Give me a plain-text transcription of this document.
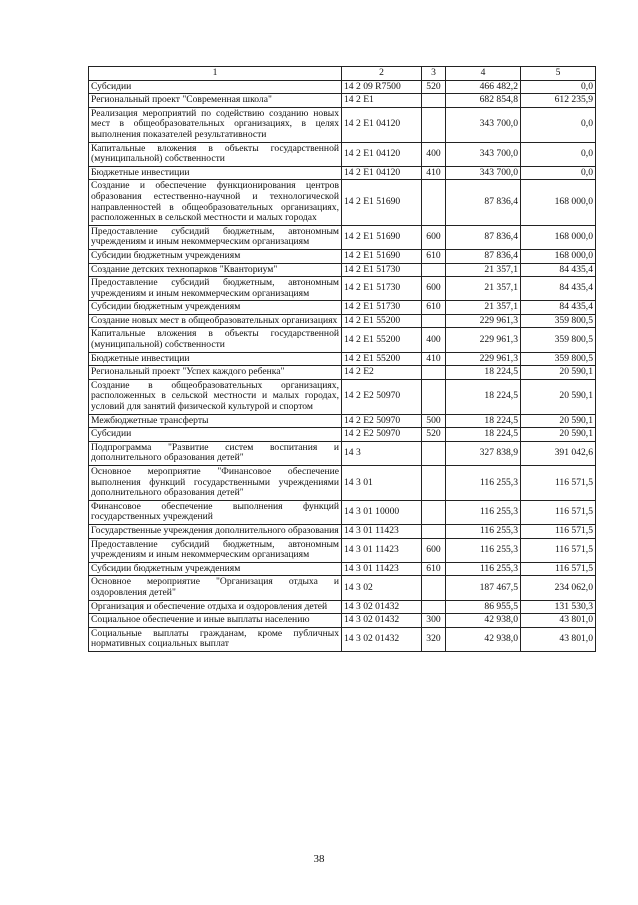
1	2	3	4	5
Субсидии	14 2 09 R7500	520	466 482,2	0,0
Региональный проект "Современная школа"	14 2 E1		682 854,8	612 235,9
Реализация мероприятий по содействию созданию новых мест в общеобразовательных организациях, в целях выполнения показателей результативности	14 2 E1 04120		343 700,0	0,0
Капитальные вложения в объекты государственной (муниципальной) собственности	14 2 E1 04120	400	343 700,0	0,0
Бюджетные инвестиции	14 2 E1 04120	410	343 700,0	0,0
Создание и обеспечение функционирования центров образования естественно-научной и технологической направленностей в общеобразовательных организациях, расположенных в сельской местности и малых городах	14 2 E1 51690		87 836,4	168 000,0
Предоставление субсидий бюджетным, автономным учреждениям и иным некоммерческим организациям	14 2 E1 51690	600	87 836,4	168 000,0
Субсидии бюджетным учреждениям	14 2 E1 51690	610	87 836,4	168 000,0
Создание детских технопарков "Кванториум"	14 2 E1 51730		21 357,1	84 435,4
Предоставление субсидий бюджетным, автономным учреждениям и иным некоммерческим организациям	14 2 E1 51730	600	21 357,1	84 435,4
Субсидии бюджетным учреждениям	14 2 E1 51730	610	21 357,1	84 435,4
Создание новых мест в общеобразовательных организациях	14 2 E1 55200		229 961,3	359 800,5
Капитальные вложения в объекты государственной (муниципальной) собственности	14 2 E1 55200	400	229 961,3	359 800,5
Бюджетные инвестиции	14 2 E1 55200	410	229 961,3	359 800,5
Региональный проект "Успех каждого ребенка"	14 2 E2		18 224,5	20 590,1
Создание в общеобразовательных организациях, расположенных в сельской местности и малых городах, условий для занятий физической культурой и спортом	14 2 E2 50970		18 224,5	20 590,1
Межбюджетные трансферты	14 2 E2 50970	500	18 224,5	20 590,1
Субсидии	14 2 E2 50970	520	18 224,5	20 590,1
Подпрограмма "Развитие систем воспитания и дополнительного образования детей"	14 3		327 838,9	391 042,6
Основное мероприятие "Финансовое обеспечение выполнения функций государственными учреждениями дополнительного образования детей"	14 3 01		116 255,3	116 571,5
Финансовое обеспечение выполнения функций государственных учреждений	14 3 01 10000		116 255,3	116 571,5
Государственные учреждения дополнительного образования	14 3 01 11423		116 255,3	116 571,5
Предоставление субсидий бюджетным, автономным учреждениям и иным некоммерческим организациям	14 3 01 11423	600	116 255,3	116 571,5
Субсидии бюджетным учреждениям	14 3 01 11423	610	116 255,3	116 571,5
Основное мероприятие "Организация отдыха и оздоровления детей"	14 3 02		187 467,5	234 062,0
Организация и обеспечение отдыха и оздоровления детей	14 3 02 01432		86 955,5	131 530,3
Социальное обеспечение и иные выплаты населению	14 3 02 01432	300	42 938,0	43 801,0
Социальные выплаты гражданам, кроме публичных нормативных социальных выплат	14 3 02 01432	320	42 938,0	43 801,0
38
